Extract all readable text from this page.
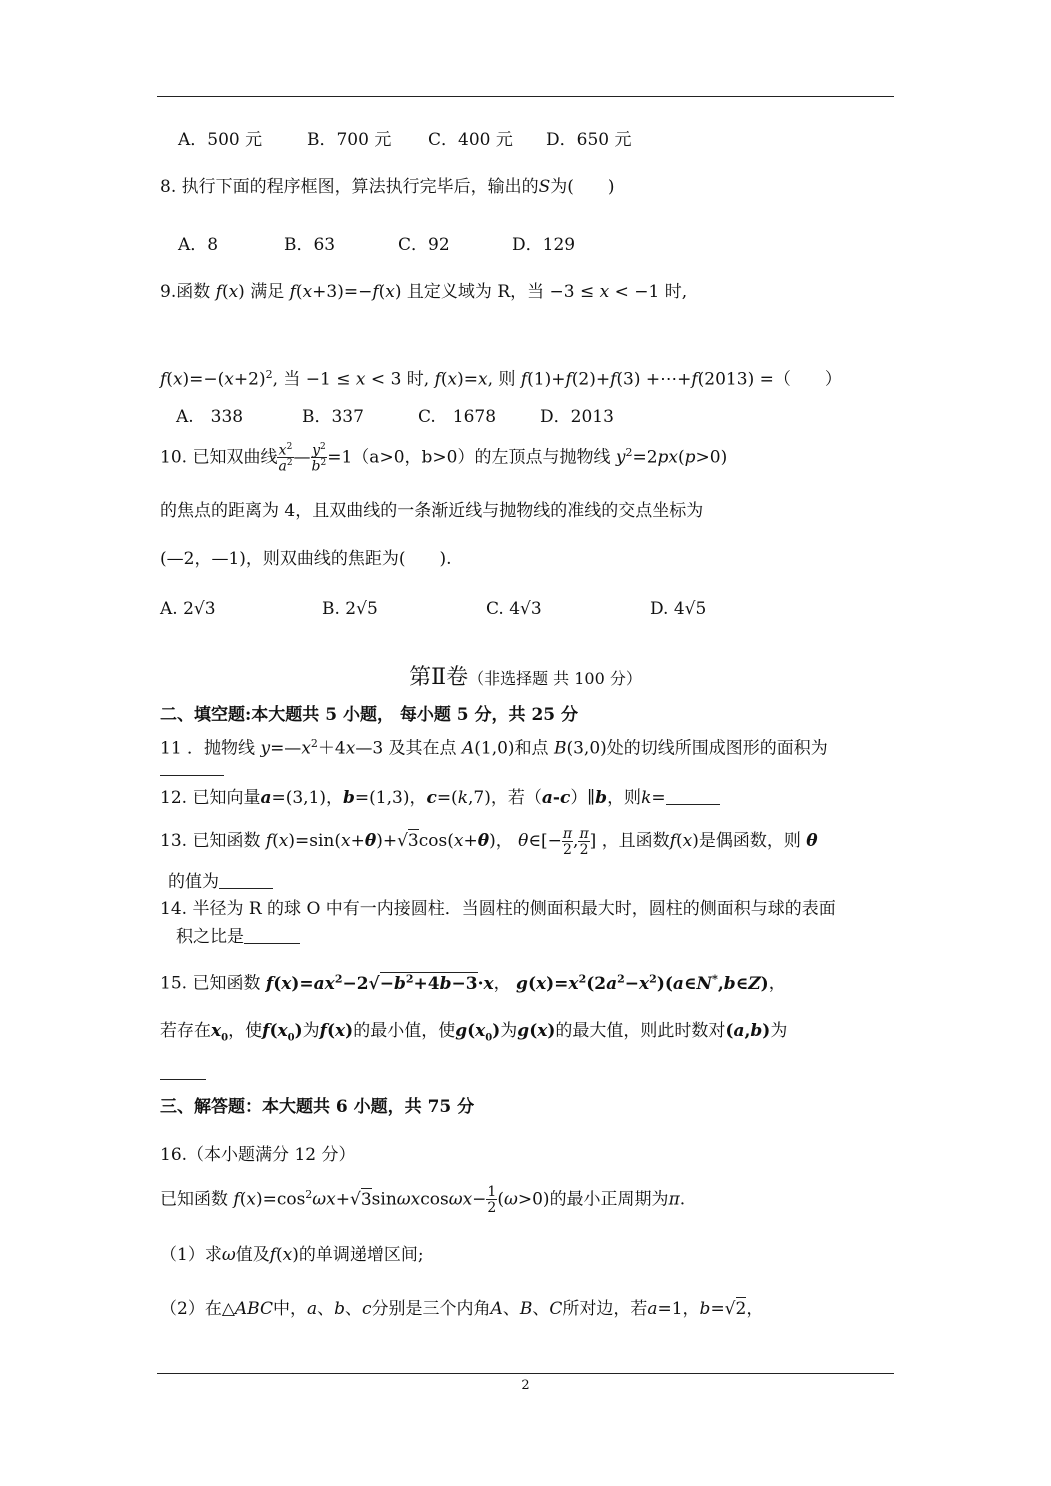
A．500 元	B．700 元 C．400 元 D．650 元
8. 执行下面的程序框图，算法执行完毕后，输出的S为(　　)
A．8	B．63	C．92	D．129
9.函数 f(x) 满足 f(x+3)=−f(x) 且定义域为 R，当 −3 ≤ x < −1 时,
$f(x)=-(x+2)^2$, 当 −1 ≤ x < 3 时, f(x)=x, 则 f(1)+f(2)+f(3) +⋯+f(2013) =（　　）
A.　338	B．337	C.　1678	D．2013
10. 已知双曲线 $\frac{x^2}{a^2}$ — $\frac{y^2}{b^2} =1(a>0$，b>0）的左顶点与抛物线 $y^2=2px(p>0)$
的焦点的距离为 4，且双曲线的一条渐近线与抛物线的准线的交点坐标为
(—2，—1)，则双曲线的焦距为(　　).
A. 2√3	B. 2√5	C. 4√3	D. 4√5
第Ⅱ卷（非选择题 共 100 分）
二、填空题:本大题共 5 小题， 每小题 5 分，共 25 分
11 ．抛物线 $y=—x^2+4x—3$ 及其在点 A(1,0)和点 B(3,0)处的切线所围成图形的面积为
12. 已知向量a=(3,1)，b=(1,3)，c=(k,7)，若（a-c）∥b，则k=
13. 已知函数 f(x)=sin(x+θ)+√3cos(x+θ)， θ∈[− $\frac{\pi}{2}$ , $\frac{\pi}{2}$ ] ，且函数f(x)是偶函数，则 θ
的值为
14. 半径为 R 的球 O 中有一内接圆柱．当圆柱的侧面积最大时，圆柱的侧面积与球的表面
积之比是
15. 已知函数 $f(x)=ax^2-2√-b^2+4b-3\cdot x$， $g(x)=x^2(2a^2-x^2)(a\in N^*,b\in Z)$，
若存在$x_0$，使$f(x_0)$为f(x)的最小值，使$g(x_0)$为g(x)的最大值，则此时数对(a,b)为
三、解答题：本大题共 6 小题，共 75 分
16.（本小题满分 12 分）
已知函数 $f(x)=\cos^2\omega x+√3\sin\omega xcos\omega x- \frac{1}{2} (\omega>0)$的最小正周期为π.
（1）求ω值及f(x)的单调递增区间;
（2）在△ABC中，a、b、c分别是三个内角A、B、C所对边，若a=1，b=√2，
2
